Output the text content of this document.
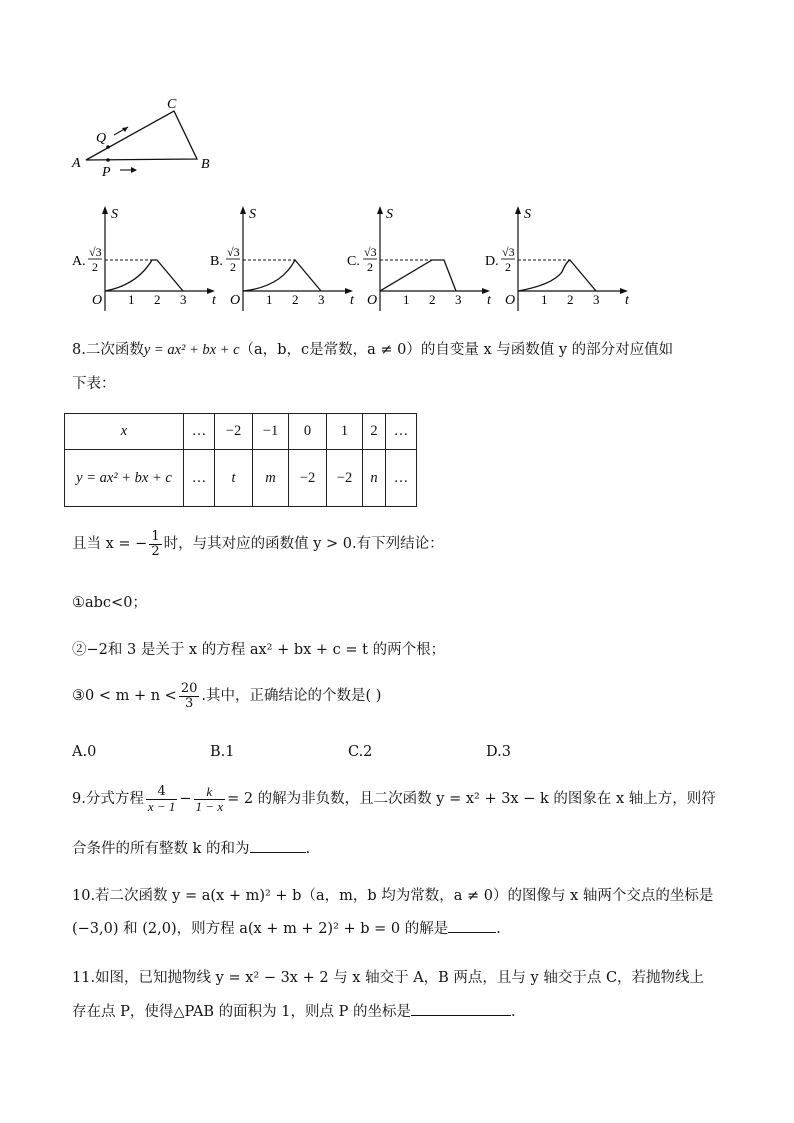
A	B
C
Q
P
A.
S
t
O
√3
2
1 2 3
B.
S
t
O
√3
2
1 2 3
C.
S
t
O
√3
2
1 2 3
D.
S
t
O
√3
2
1 2 3
8.二次函数y = ax² + bx + c（a，b，c是常数，a ≠ 0）的自变量 x 与函数值 y 的部分对应值如
下表：
x	…	−2	−1	0	1	2	…
y = ax² + bx + c	…	t	m	−2	−2	n	…
且当 x = − $\frac{1}{2}$ 时，与其对应的函数值 y > 0.有下列结论：
①abc<0；
②−2和 3 是关于 x 的方程 ax² + bx + c = t 的两个根；
③0 < $m + n < \frac{20}{3}$ .其中，正确结论的个数是( )
A.0	B.1	C.2	D.3
9.分式方程 $\frac{4}{x - 1} - \frac{k}{1 - x} = 2$ 的解为非负数，且二次函数 y = x² + 3x − k 的图象在 x 轴上方，则符
合条件的所有整数 k 的和为	.
10.若二次函数 y = a(x + m)² + b（a，m，b 均为常数，a ≠ 0）的图像与 x 轴两个交点的坐标是
(−3,0) 和 (2,0)，则方程 a(x + m + 2)² + b = 0 的解是	.
11.如图，已知抛物线 y = x² − 3x + 2 与 x 轴交于 A，B 两点，且与 y 轴交于点 C，若抛物线上
存在点 P，使得△PAB 的面积为 1，则点 P 的坐标是	.
